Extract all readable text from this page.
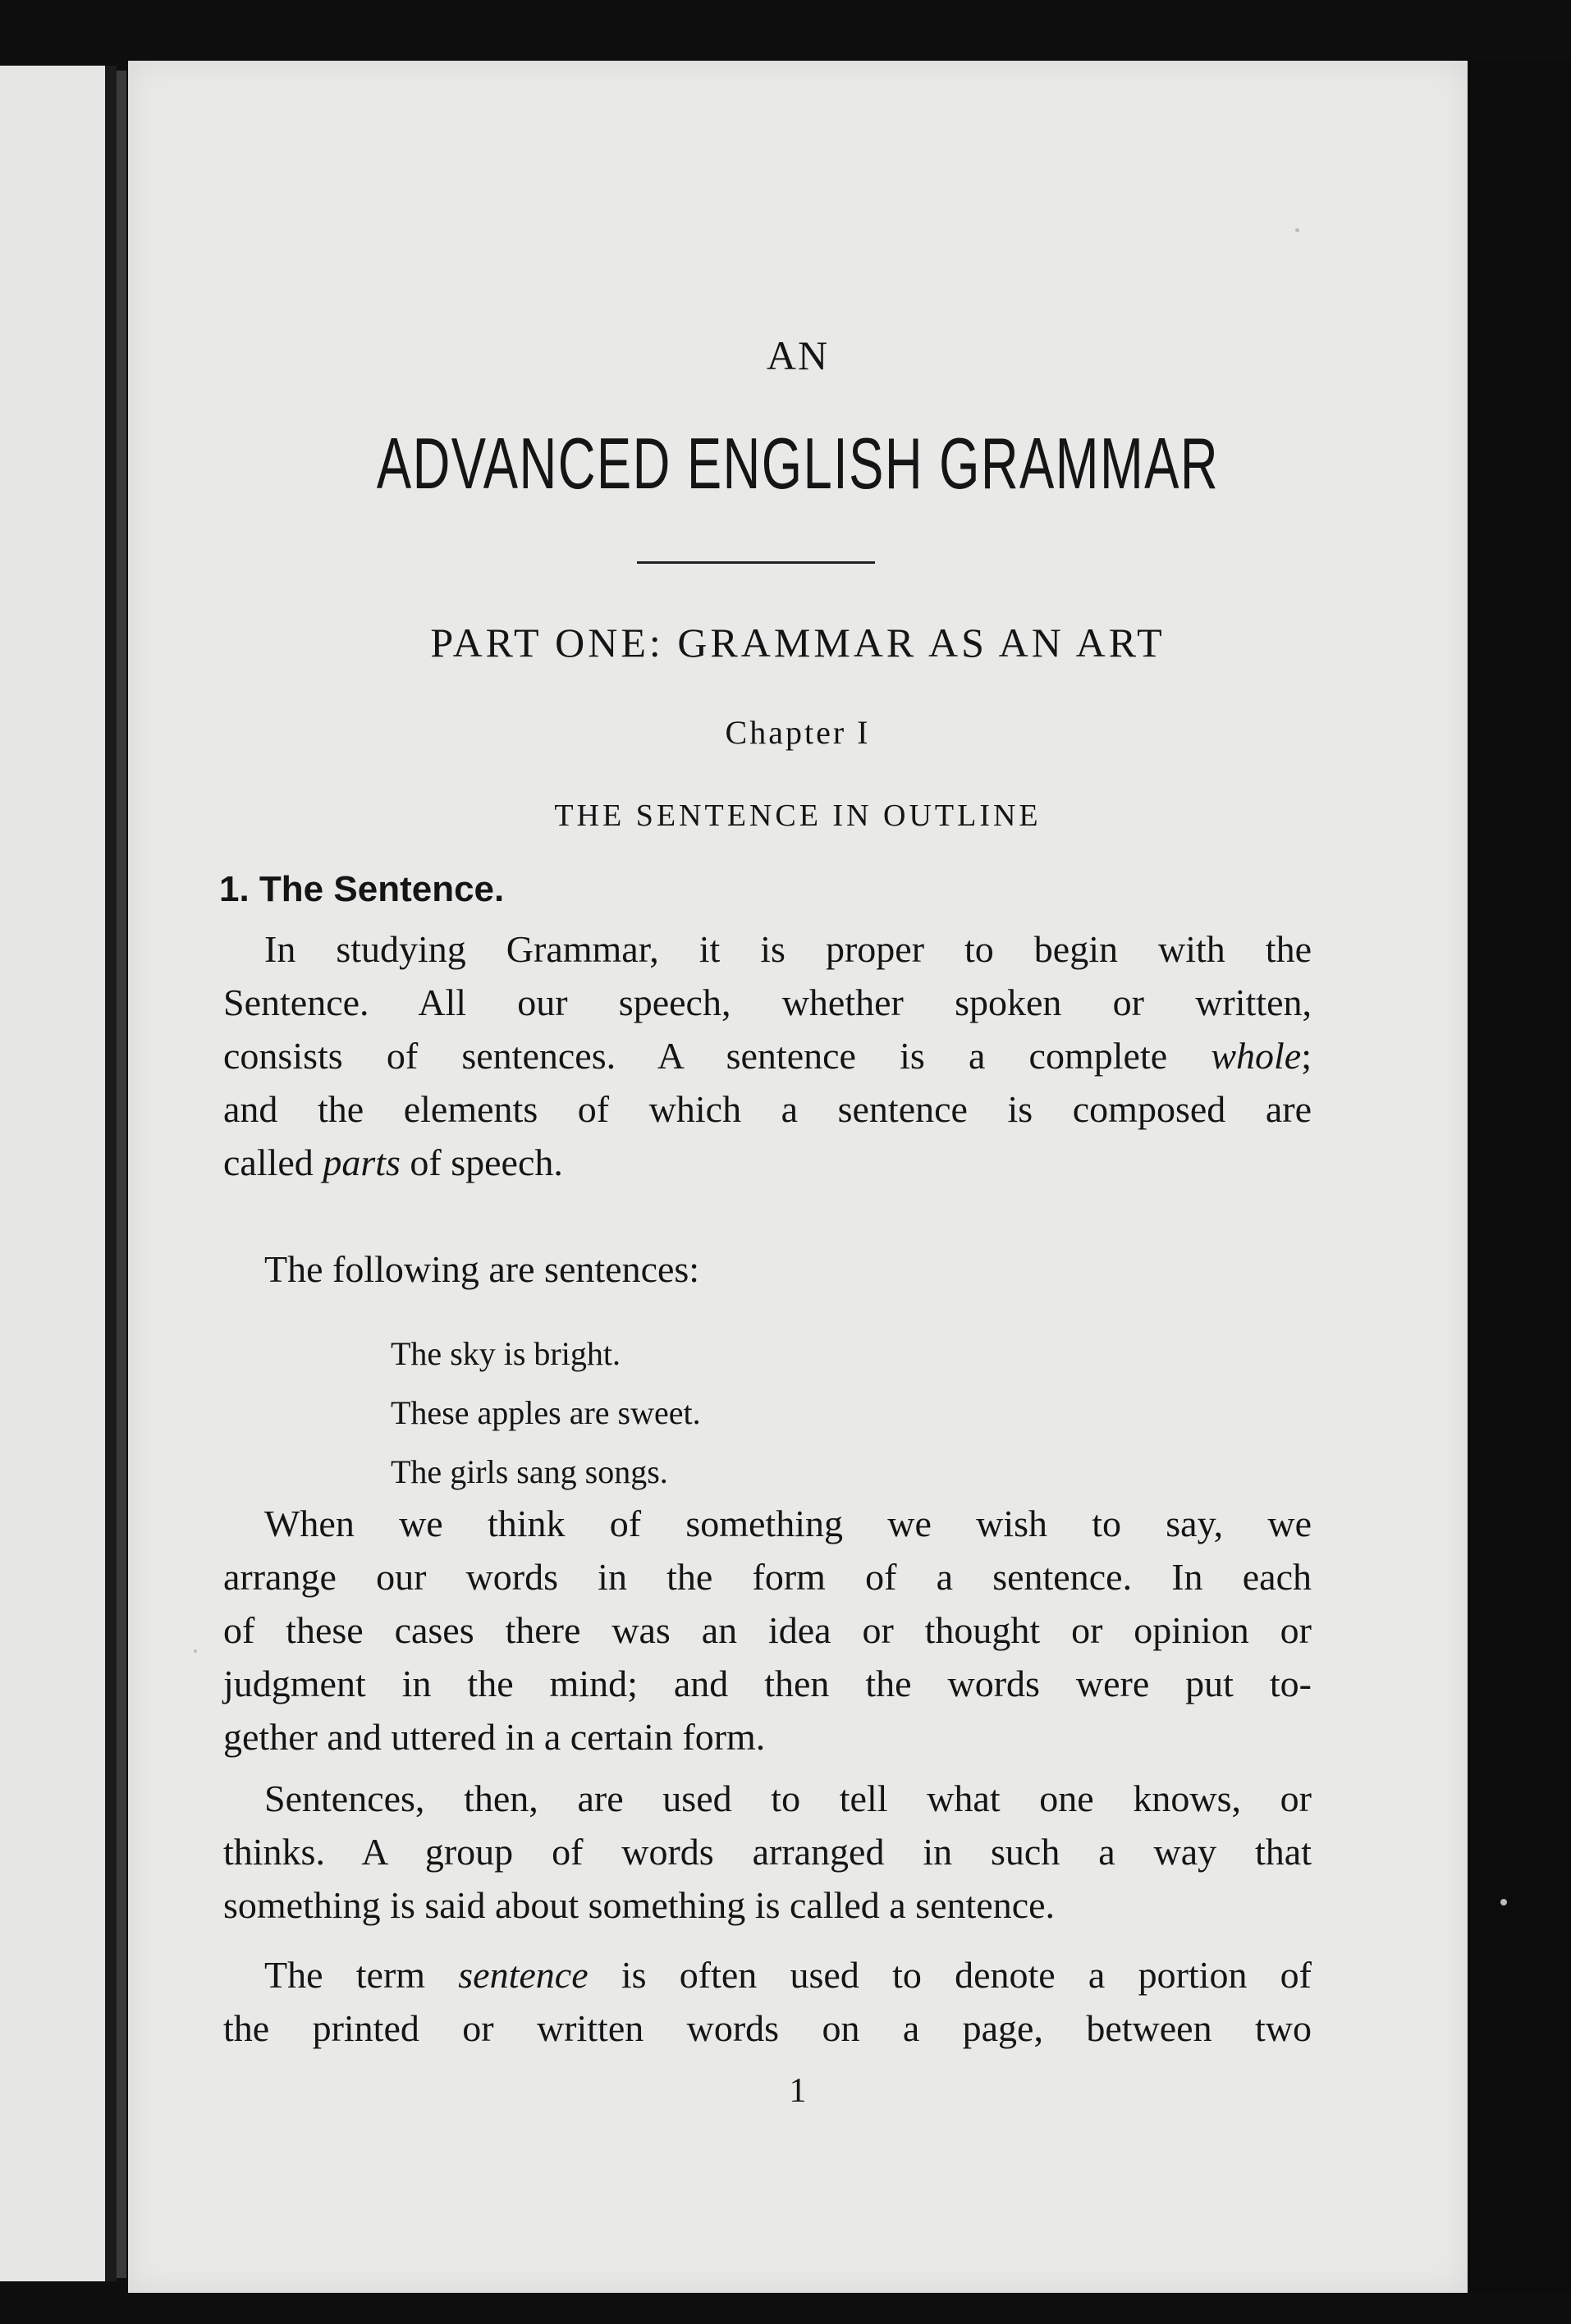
AN
ADVANCED ENGLISH GRAMMAR
PART ONE: GRAMMAR AS AN ART
Chapter I
THE SENTENCE IN OUTLINE
1. The Sentence.
In studying Grammar, it is proper to begin with the
Sentence. All our speech, whether spoken or written,
consists of sentences. A sentence is a complete whole;
and the elements of which a sentence is composed are
called parts of speech.
The following are sentences:
The sky is bright.
These apples are sweet.
The girls sang songs.
When we think of something we wish to say, we
arrange our words in the form of a sentence. In each
of these cases there was an idea or thought or opinion or
judgment in the mind; and then the words were put to-
gether and uttered in a certain form.
Sentences, then, are used to tell what one knows, or
thinks. A group of words arranged in such a way that
something is said about something is called a sentence.
The term sentence is often used to denote a portion of
the printed or written words on a page, between two
1
